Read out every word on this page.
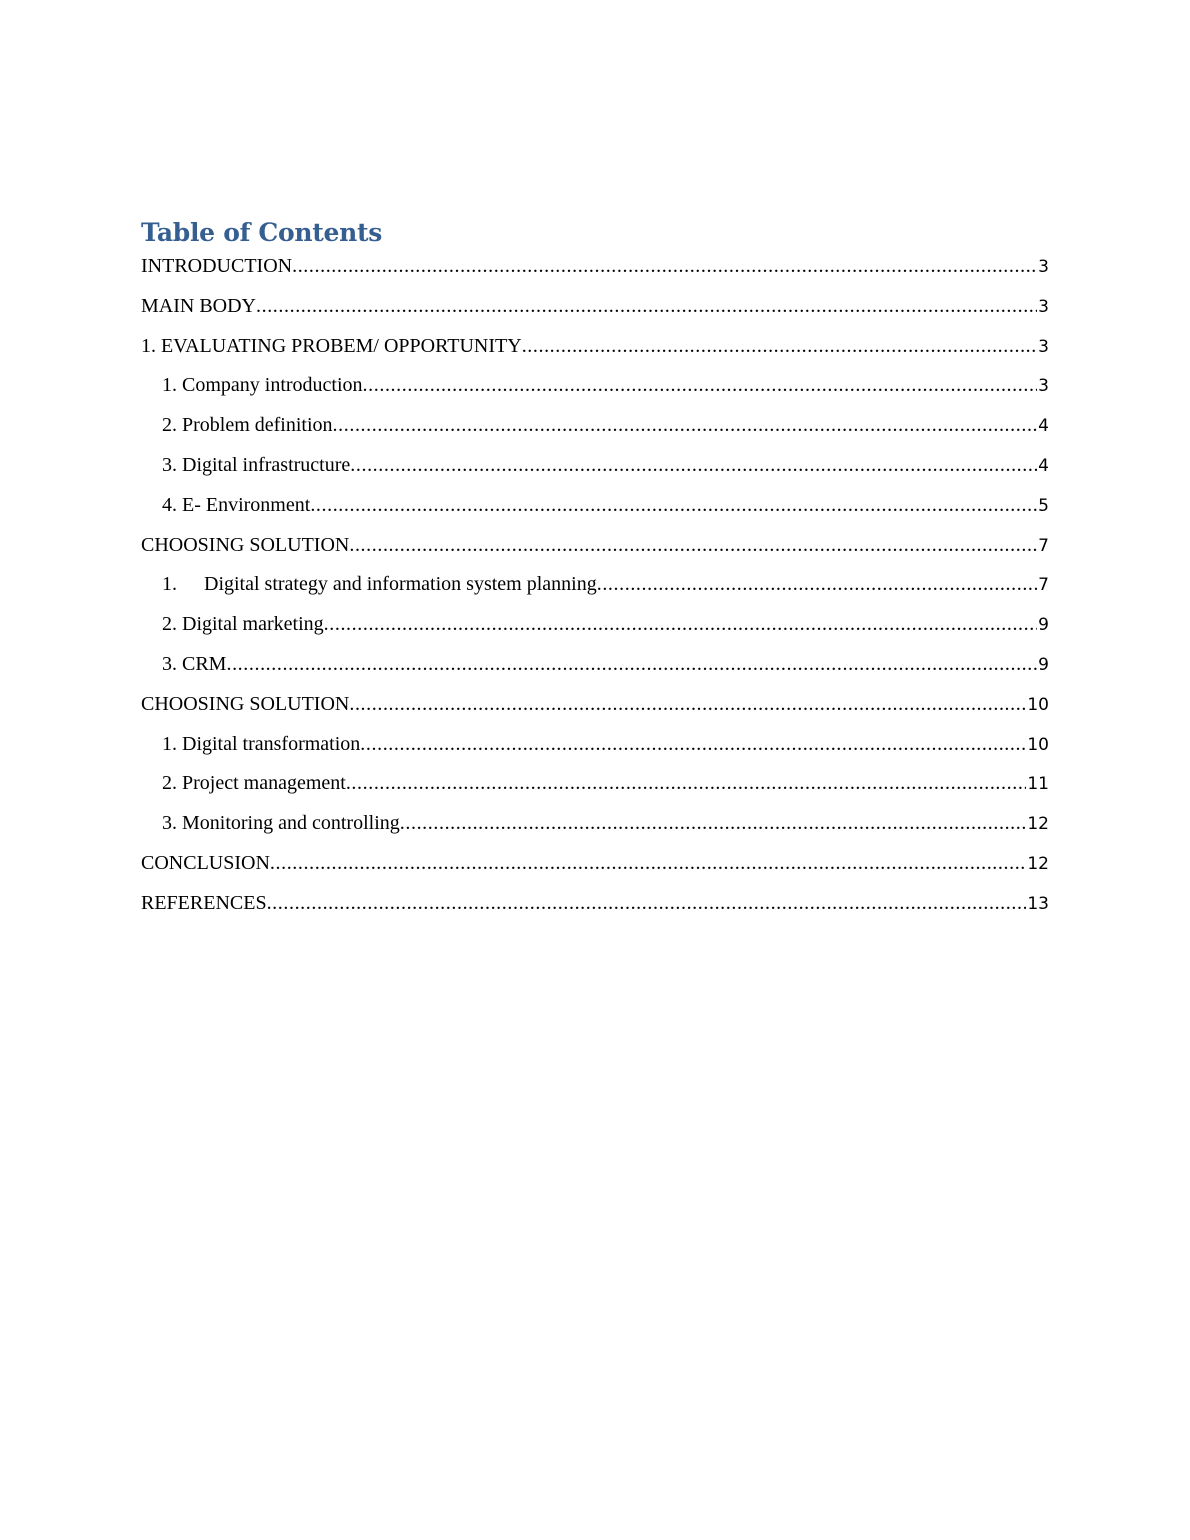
Table of Contents
INTRODUCTION .....	3
MAIN BODY .....	3
1. EVALUATING PROBEM/ OPPORTUNITY .....	3
1. Company introduction .....	3
2. Problem definition .....	4
3. Digital infrastructure .....	4
4. E- Environment .....	5
CHOOSING SOLUTION .....	7
1.	Digital strategy and information system planning .....	7
2. Digital marketing .....	9
3. CRM .....	9
CHOOSING SOLUTION .....	10
1. Digital transformation .....	10
2. Project management .....	11
3. Monitoring and controlling .....	12
CONCLUSION .....	12
REFERENCES .....	13
